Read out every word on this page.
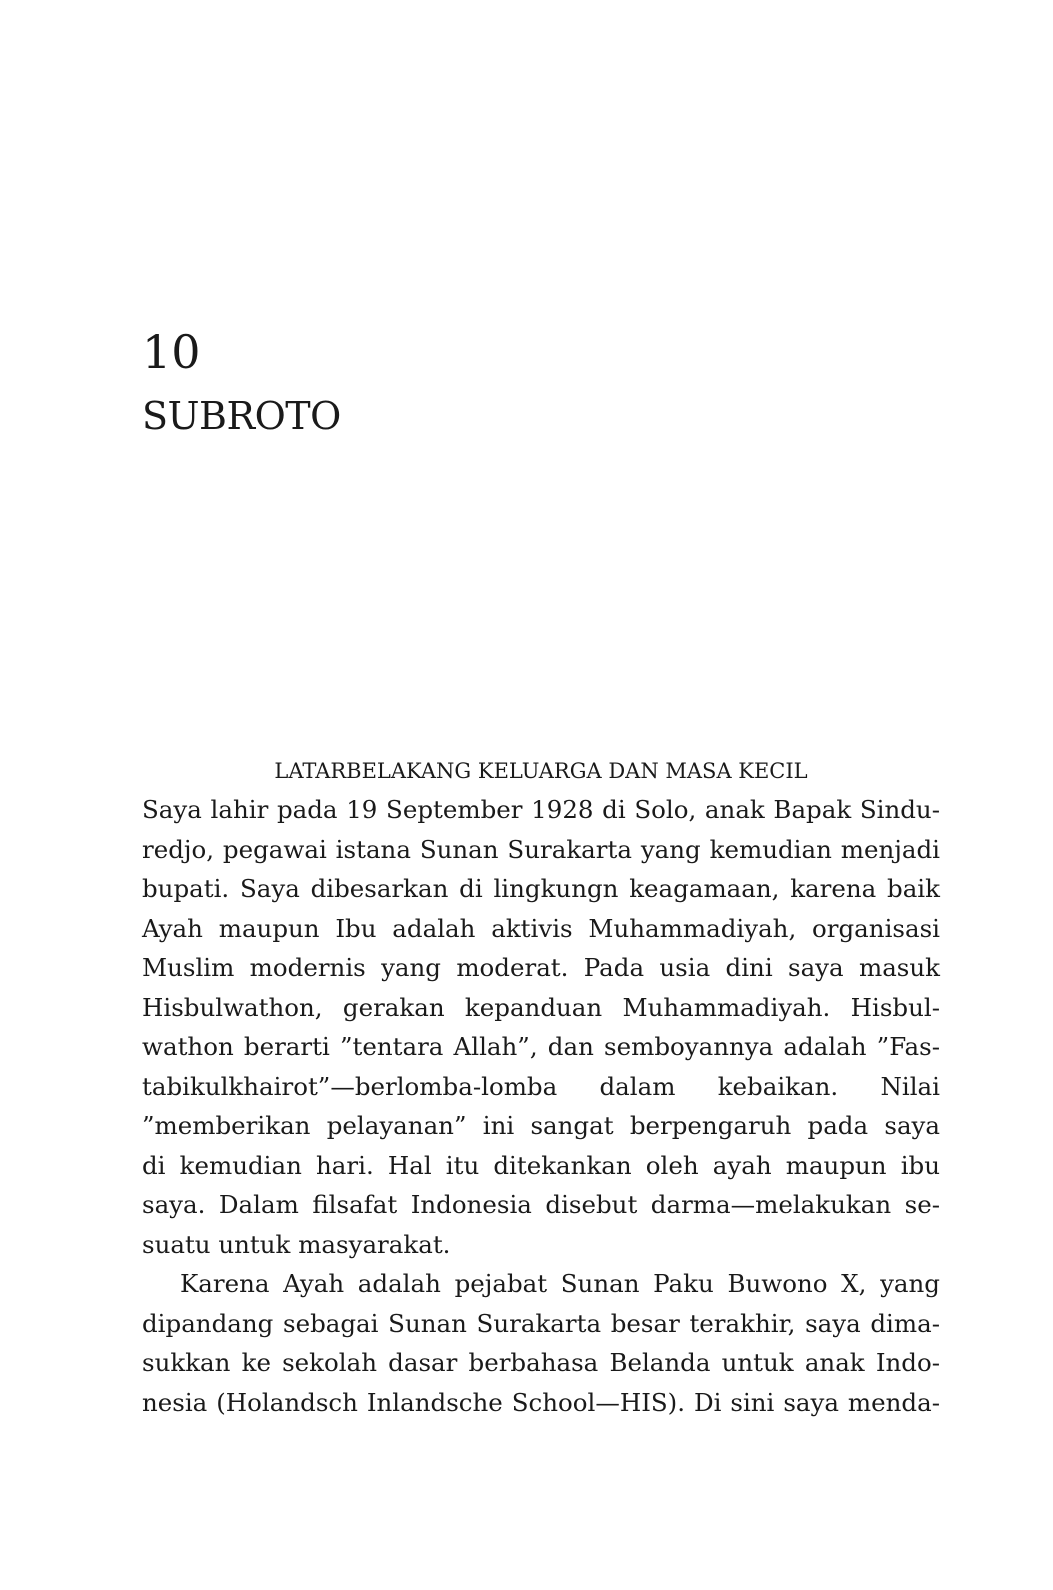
10
SUBROTO
LATARBELAKANG KELUARGA DAN MASA KECIL

Saya lahir pada 19 September 1928 di Solo, anak Bapak Sindu-
redjo, pegawai istana Sunan Surakarta yang kemudian menjadi
bupati. Saya dibesarkan di lingkungn keagamaan, karena baik
Ayah maupun Ibu adalah aktivis Muhammadiyah, organisasi
Muslim modernis yang moderat. Pada usia dini saya masuk
Hisbulwathon, gerakan kepanduan Muhammadiyah. Hisbul-
wathon berarti ”tentara Allah”, dan semboyannya adalah ”Fas-
tabikulkhairot”—berlomba-lomba dalam kebaikan. Nilai
”memberikan pelayanan” ini sangat berpengaruh pada saya
di kemudian hari. Hal itu ditekankan oleh ayah maupun ibu
saya. Dalam filsafat Indonesia disebut darma—melakukan se-
suatu untuk masyarakat.

Karena Ayah adalah pejabat Sunan Paku Buwono X, yang
dipandang sebagai Sunan Surakarta besar terakhir, saya dima-
sukkan ke sekolah dasar berbahasa Belanda untuk anak Indo-
nesia (Holandsch Inlandsche School—HIS). Di sini saya menda-
